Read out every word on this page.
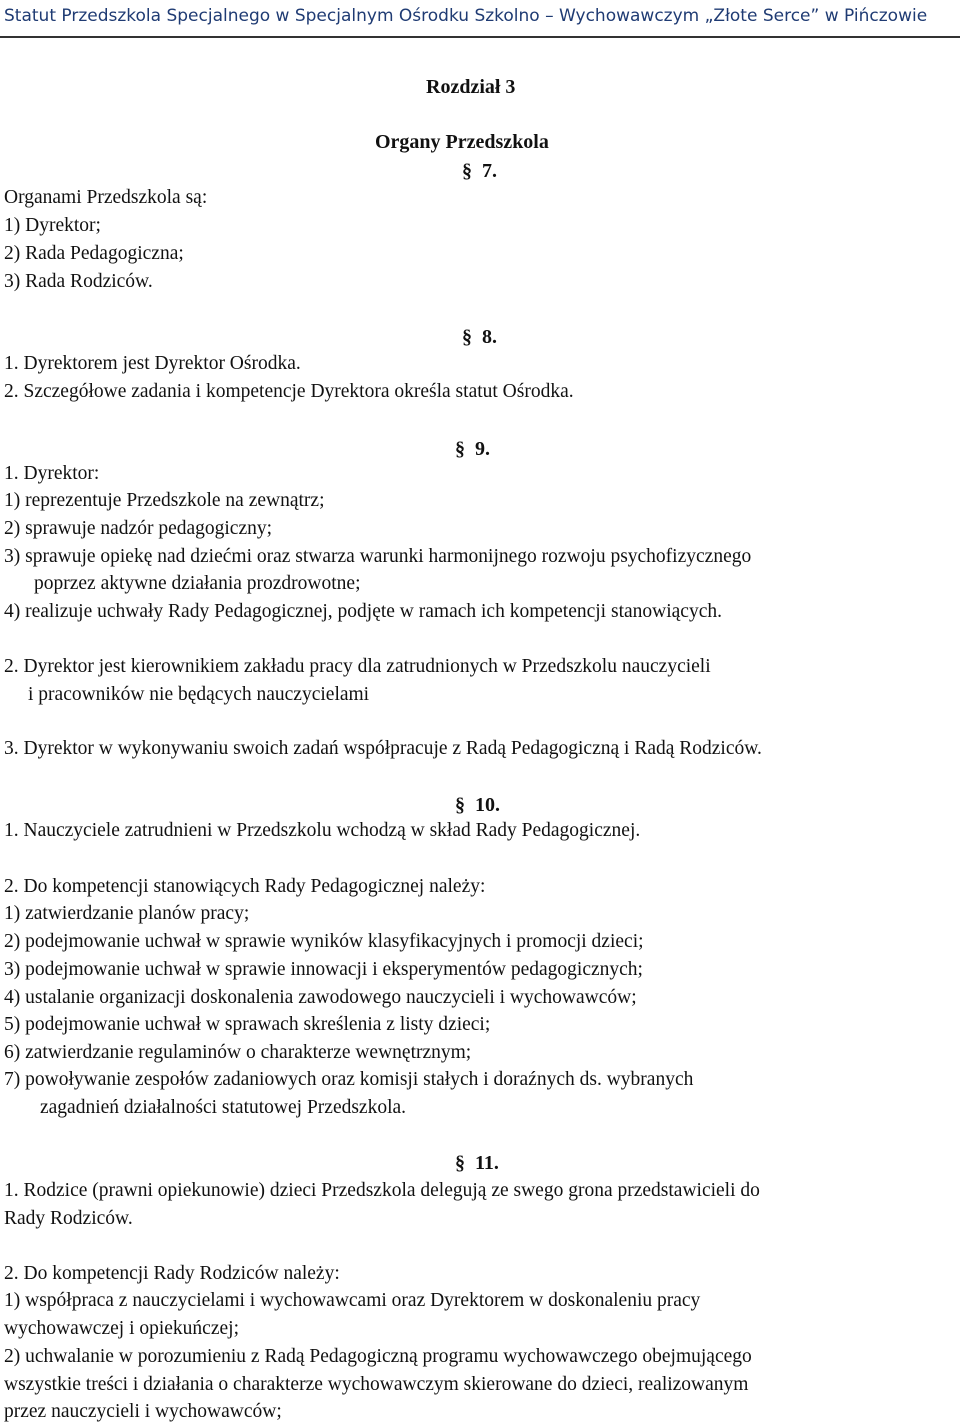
Statut Przedszkola Specjalnego w Specjalnym Ośrodku Szkolno – Wychowawczym „Złote Serce” w Pińczowie
Rozdział 3
Organy Przedszkola
§ 7.
Organami Przedszkola są:
1) Dyrektor;
2) Rada Pedagogiczna;
3) Rada Rodziców.
§ 8.
1. Dyrektorem jest Dyrektor Ośrodka.
2. Szczegółowe zadania i kompetencje Dyrektora określa statut Ośrodka.
§ 9.
1. Dyrektor:
1) reprezentuje Przedszkole na zewnątrz;
2) sprawuje nadzór pedagogiczny;
3) sprawuje opiekę nad dziećmi oraz stwarza warunki harmonijnego rozwoju psychofizycznego
poprzez aktywne działania prozdrowotne;
4) realizuje uchwały Rady Pedagogicznej, podjęte w ramach ich kompetencji stanowiących.
2. Dyrektor jest kierownikiem zakładu pracy dla zatrudnionych w Przedszkolu nauczycieli
i pracowników nie będących nauczycielami
3. Dyrektor w wykonywaniu swoich zadań współpracuje z Radą Pedagogiczną i Radą Rodziców.
§ 10.
1. Nauczyciele zatrudnieni w Przedszkolu wchodzą w skład Rady Pedagogicznej.
2. Do kompetencji stanowiących Rady Pedagogicznej należy:
1) zatwierdzanie planów pracy;
2) podejmowanie uchwał w sprawie wyników klasyfikacyjnych i promocji dzieci;
3) podejmowanie uchwał w sprawie innowacji i eksperymentów pedagogicznych;
4) ustalanie organizacji doskonalenia zawodowego nauczycieli i wychowawców;
5) podejmowanie uchwał w sprawach skreślenia z listy dzieci;
6) zatwierdzanie regulaminów o charakterze wewnętrznym;
7) powoływanie zespołów zadaniowych oraz komisji stałych i doraźnych ds. wybranych
zagadnień działalności statutowej Przedszkola.
§ 11.
1. Rodzice (prawni opiekunowie) dzieci Przedszkola delegują ze swego grona przedstawicieli do
Rady Rodziców.
2. Do kompetencji Rady Rodziców należy:
1) współpraca z nauczycielami i wychowawcami oraz Dyrektorem w doskonaleniu pracy
wychowawczej i opiekuńczej;
2) uchwalanie w porozumieniu z Radą Pedagogiczną programu wychowawczego obejmującego
wszystkie treści i działania o charakterze wychowawczym skierowane do dzieci, realizowanym
przez nauczycieli i wychowawców;
